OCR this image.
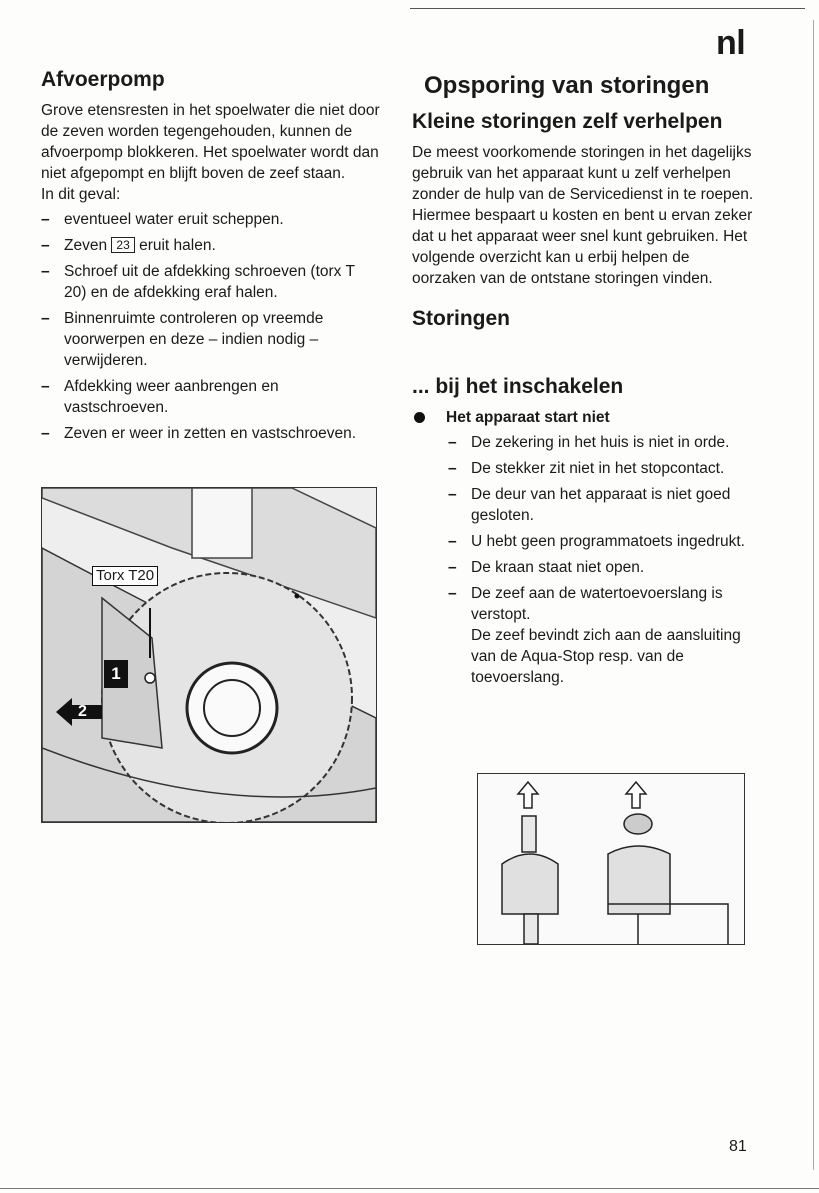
nl
Afvoerpomp

Grove etensresten in het spoelwater die niet door de zeven worden tegengehouden, kunnen de afvoerpomp blokkeren. Het spoelwater wordt dan niet afgepompt en blijft boven de zeef staan.

In dit geval:

– eventueel water eruit scheppen.
– Zeven 23 eruit halen.
– Schroef uit de afdekking schroeven (torx T 20) en de afdekking eraf halen.
– Binnenruimte controleren op vreemde voorwerpen en deze – indien nodig – verwijderen.
– Afdekking weer aanbrengen en vastschroeven.
– Zeven er weer in zetten en vastschroeven.
Torx T20
1
2
Opsporing van storingen
Kleine storingen zelf verhelpen

De meest voorkomende storingen in het dagelijks gebruik van het apparaat kunt u zelf verhelpen zonder de hulp van de Servicedienst in te roepen. Hiermee bespaart u kosten en bent u ervan zeker dat u het apparaat weer snel kunt gebruiken. Het volgende overzicht kan u erbij helpen de oorzaken van de ontstane storingen vinden.

Storingen
... bij het inschakelen
Het apparaat start niet
– De zekering in het huis is niet in orde.
– De stekker zit niet in het stopcontact.
– De deur van het apparaat is niet goed gesloten.
– U hebt geen programmatoets ingedrukt.
– De kraan staat niet open.
– De zeef aan de watertoevoerslang is verstopt.
De zeef bevindt zich aan de aansluiting van de Aqua-Stop resp. van de toevoerslang.
81
